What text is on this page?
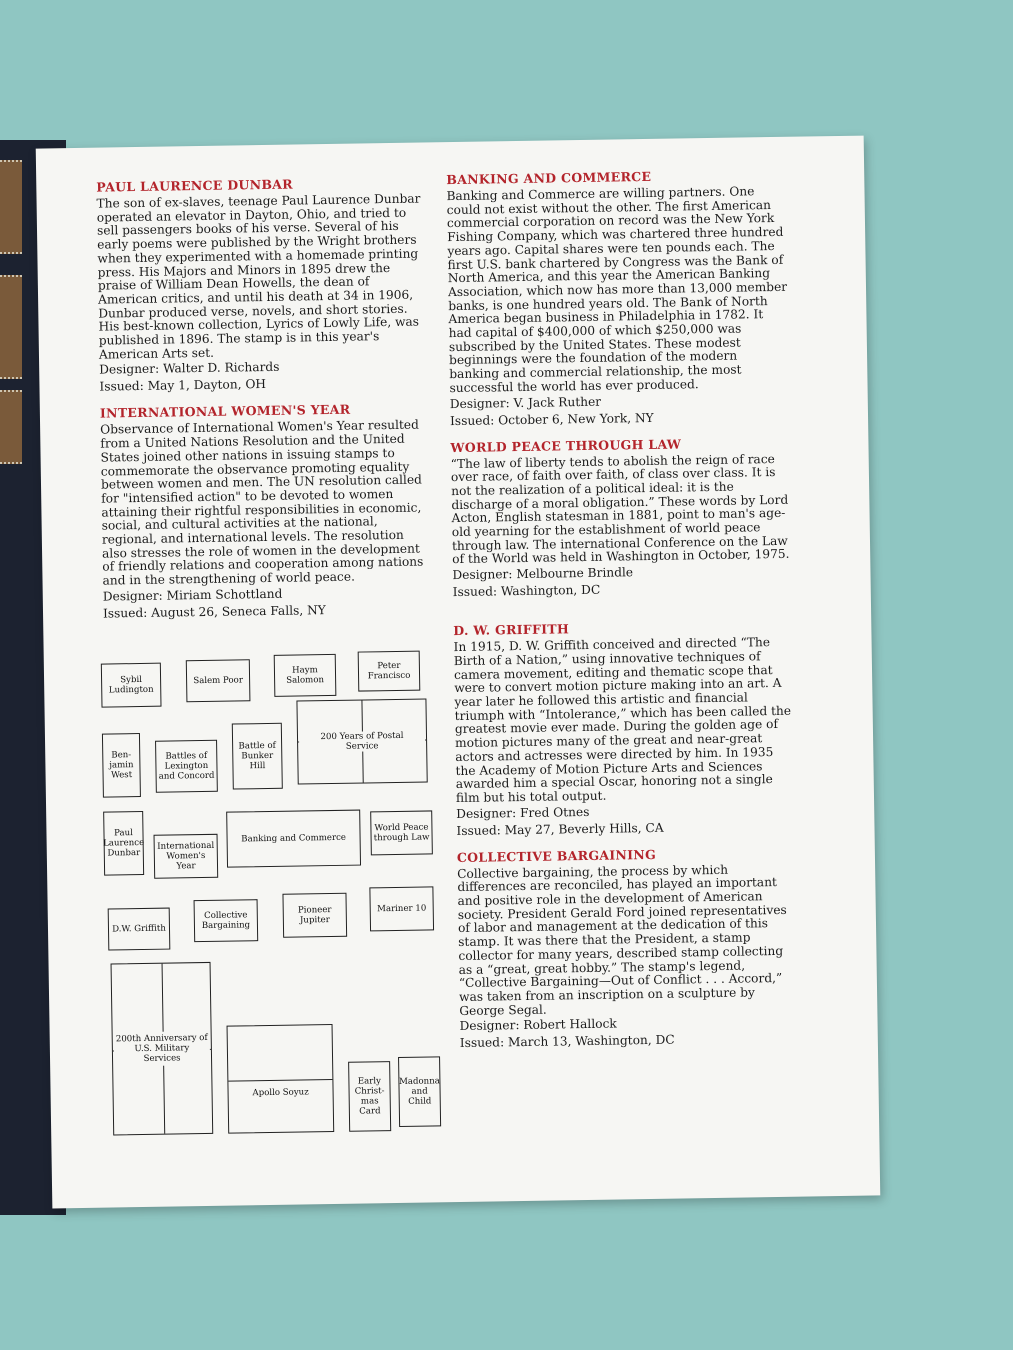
PAUL LAURENCE DUNBAR

The son of ex-slaves, teenage Paul Laurence Dunbar operated an elevator in Dayton, Ohio, and tried to sell passengers books of his verse. Several of his early poems were published by the Wright brothers when they experimented with a homemade printing press. His Majors and Minors in 1895 drew the praise of William Dean Howells, the dean of American critics, and until his death at 34 in 1906, Dunbar produced verse, novels, and short stories. His best-known collection, Lyrics of Lowly Life, was published in 1896. The stamp is in this year's American Arts set.

Designer: Walter D. Richards

Issued: May 1, Dayton, OH

INTERNATIONAL WOMEN'S YEAR

Observance of International Women's Year resulted from a United Nations Resolution and the United States joined other nations in issuing stamps to commemorate the observance promoting equality between women and men. The UN resolution called for "intensified action" to be devoted to women attaining their rightful responsibilities in economic, social, and cultural activities at the national, regional, and international levels. The resolution also stresses the role of women in the development of friendly relations and cooperation among nations and in the strengthening of world peace.

Designer: Miriam Schottland

Issued: August 26, Seneca Falls, NY

BANKING AND COMMERCE

Banking and Commerce are willing partners. One could not exist without the other. The first American commercial corporation on record was the New York Fishing Company, which was chartered three hundred years ago. Capital shares were ten pounds each. The first U.S. bank chartered by Congress was the Bank of North America, and this year the American Banking Association, which now has more than 13,000 member banks, is one hundred years old. The Bank of North America began business in Philadelphia in 1782. It had capital of $400,000 of which $250,000 was subscribed by the United States. These modest beginnings were the foundation of the modern banking and commercial relationship, the most successful the world has ever produced.

Designer: V. Jack Ruther

Issued: October 6, New York, NY

WORLD PEACE THROUGH LAW

“The law of liberty tends to abolish the reign of race over race, of faith over faith, of class over class. It is not the realization of a political ideal: it is the discharge of a moral obligation.” These words by Lord Acton, English statesman in 1881, point to man's age-old yearning for the establishment of world peace through law. The international Conference on the Law of the World was held in Washington in October, 1975.

Designer: Melbourne Brindle

Issued: Washington, DC

D. W. GRIFFITH

In 1915, D. W. Griffith conceived and directed “The Birth of a Nation,” using innovative techniques of camera movement, editing and thematic scope that were to convert motion picture making into an art. A year later he followed this artistic and financial triumph with “Intolerance,” which has been called the greatest movie ever made. During the golden age of motion pictures many of the great and near-great actors and actresses were directed by him. In 1935 the Academy of Motion Picture Arts and Sciences awarded him a special Oscar, honoring not a single film but his total output.

Designer: Fred Otnes

Issued: May 27, Beverly Hills, CA

COLLECTIVE BARGAINING

Collective bargaining, the process by which differences are reconciled, has played an important and positive role in the development of American society. President Gerald Ford joined representatives of labor and management at the dedication of this stamp. It was there that the President, a stamp collector for many years, described stamp collecting as a “great, great hobby.” The stamp's legend, “Collective Bargaining—Out of Conflict . . . Accord,” was taken from an inscription on a sculpture by George Segal.

Designer: Robert Hallock

Issued: March 13, Washington, DC

Sybil Ludington
Salem Poor
Haym Salomon
Peter Francisco
Ben-jamin West
Battles of Lexington and Concord
Battle of Bunker Hill
200 Years of Postal Service
Paul Laurence Dunbar
International Women's Year
Banking and Commerce
World Peace through Law
D.W. Griffith
Collective Bargaining
Pioneer Jupiter
Mariner 10
200th Anniversary of U.S. Military Services
Apollo Soyuz
Early Christ-mas Card
Madonna and Child
